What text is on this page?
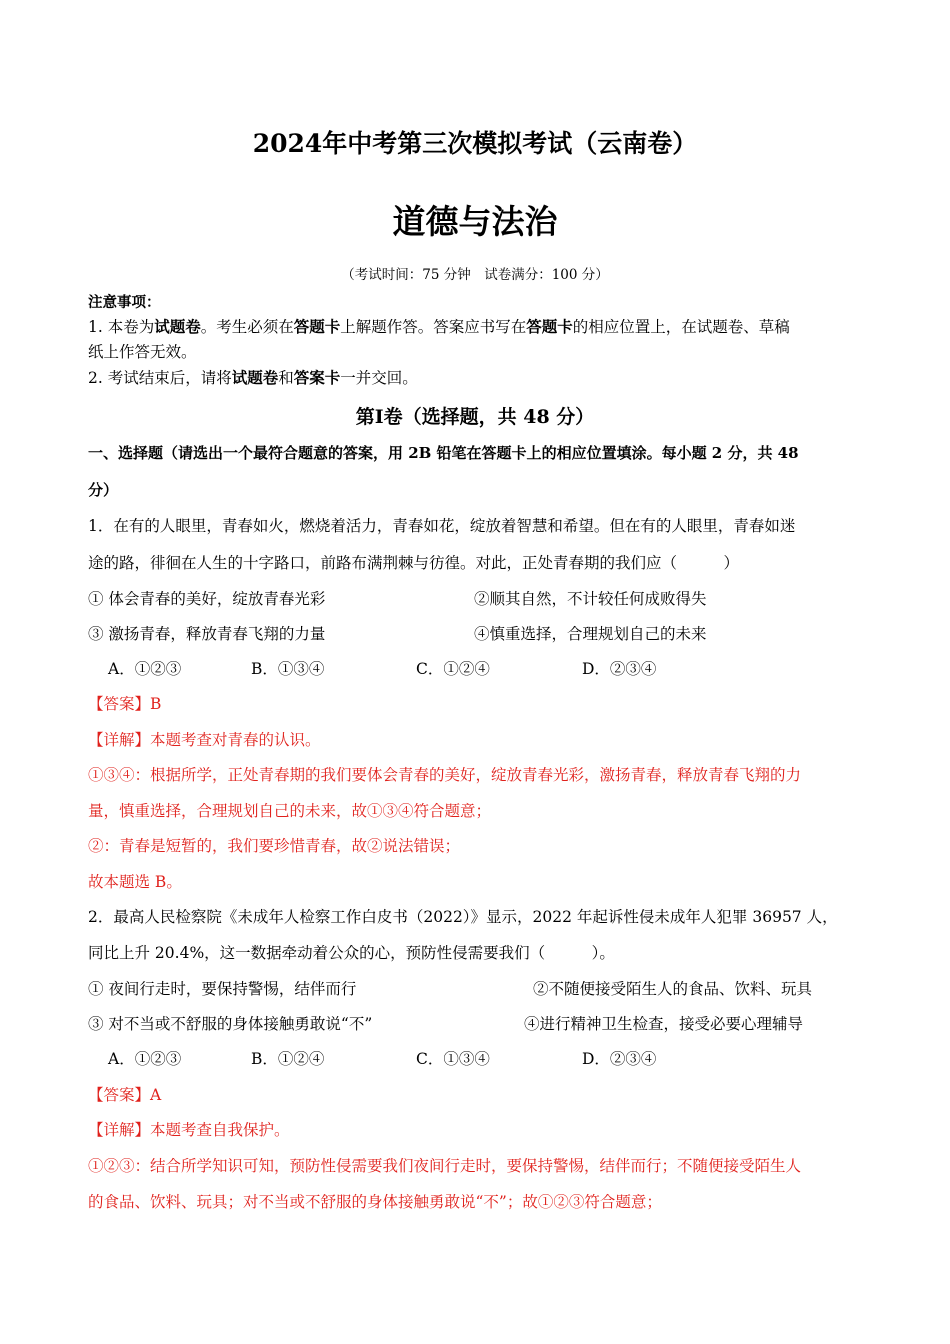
2024年中考第三次模拟考试（云南卷）
道德与法治
（考试时间：75 分钟　试卷满分：100 分）
注意事项：
1. 本卷为试题卷。考生必须在答题卡上解题作答。答案应书写在答题卡的相应位置上，在试题卷、草稿
纸上作答无效。
2. 考试结束后，请将试题卷和答案卡一并交回。
第Ⅰ卷（选择题，共 48 分）
一、选择题（请选出一个最符合题意的答案，用 2B 铅笔在答题卡上的相应位置填涂。每小题 2 分，共 48
分）
1．在有的人眼里，青春如火，燃烧着活力，青春如花，绽放着智慧和希望。但在有的人眼里，青春如迷
途的路，徘徊在人生的十字路口，前路布满荆棘与彷徨。对此，正处青春期的我们应（　　　）
① 体会青春的美好，绽放青春光彩	②顺其自然，不计较任何成败得失
③ 激扬青春，释放青春飞翔的力量	④慎重选择，合理规划自己的未来
A．①②③	B．①③④	C．①②④	D．②③④
【答案】B
【详解】本题考查对青春的认识。
①③④：根据所学，正处青春期的我们要体会青春的美好，绽放青春光彩，激扬青春，释放青春飞翔的力
量，慎重选择，合理规划自己的未来，故①③④符合题意；
②：青春是短暂的，我们要珍惜青春，故②说法错误；
故本题选 B。
2．最高人民检察院《未成年人检察工作白皮书（2022）》显示，2022 年起诉性侵未成年人犯罪 36957 人，
同比上升 20.4%，这一数据牵动着公众的心，预防性侵需要我们（　　　）。
① 夜间行走时，要保持警惕，结伴而行	②不随便接受陌生人的食品、饮料、玩具
③ 对不当或不舒服的身体接触勇敢说“不”	④进行精神卫生检查，接受必要心理辅导
A．①②③	B．①②④	C．①③④	D．②③④
【答案】A
【详解】本题考查自我保护。
①②③：结合所学知识可知，预防性侵需要我们夜间行走时，要保持警惕，结伴而行；不随便接受陌生人
的食品、饮料、玩具；对不当或不舒服的身体接触勇敢说“不”；故①②③符合题意；
